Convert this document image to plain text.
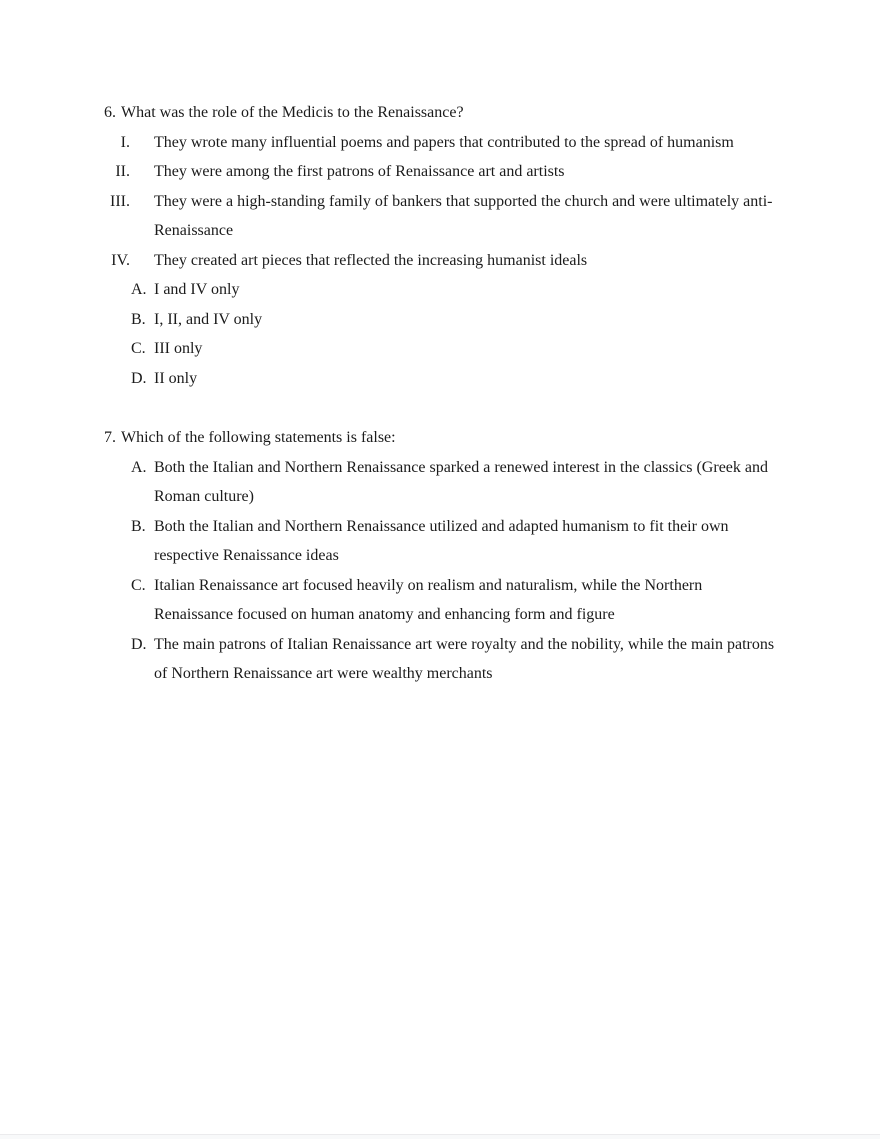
6. What was the role of the Medicis to the Renaissance?
I. They wrote many influential poems and papers that contributed to the spread of humanism
II. They were among the first patrons of Renaissance art and artists
III. They were a high-standing family of bankers that supported the church and were ultimately anti-Renaissance
IV. They created art pieces that reflected the increasing humanist ideals
A. I and IV only
B. I, II, and IV only
C. III only
D. II only
7. Which of the following statements is false:
A. Both the Italian and Northern Renaissance sparked a renewed interest in the classics (Greek and Roman culture)
B. Both the Italian and Northern Renaissance utilized and adapted humanism to fit their own respective Renaissance ideas
C. Italian Renaissance art focused heavily on realism and naturalism, while the Northern Renaissance focused on human anatomy and enhancing form and figure
D. The main patrons of Italian Renaissance art were royalty and the nobility, while the main patrons of Northern Renaissance art were wealthy merchants
